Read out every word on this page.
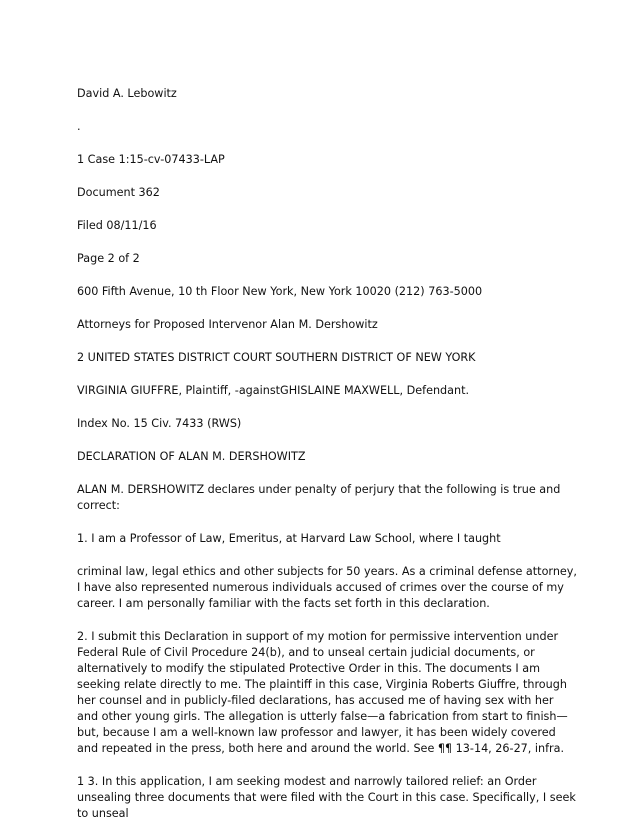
David A. Lebowitz

.

1 Case 1:15-cv-07433-LAP

Document 362

Filed 08/11/16

Page 2 of 2

600 Fifth Avenue, 10 th Floor New York, New York 10020 (212) 763-5000

Attorneys for Proposed Intervenor Alan M. Dershowitz

2 UNITED STATES DISTRICT COURT SOUTHERN DISTRICT OF NEW YORK

VIRGINIA GIUFFRE, Plaintiff, -againstGHISLAINE MAXWELL, Defendant.

Index No. 15 Civ. 7433 (RWS)

DECLARATION OF ALAN M. DERSHOWITZ

ALAN M. DERSHOWITZ declares under penalty of perjury that the following is true and correct:

1. I am a Professor of Law, Emeritus, at Harvard Law School, where I taught

criminal law, legal ethics and other subjects for 50 years. As a criminal defense attorney, I have also represented numerous individuals accused of crimes over the course of my career. I am personally familiar with the facts set forth in this declaration.

2. I submit this Declaration in support of my motion for permissive intervention under Federal Rule of Civil Procedure 24(b), and to unseal certain judicial documents, or alternatively to modify the stipulated Protective Order in this. The documents I am seeking relate directly to me. The plaintiff in this case, Virginia Roberts Giuffre, through her counsel and in publicly-filed declarations, has accused me of having sex with her and other young girls. The allegation is utterly false—a fabrication from start to finish—but, because I am a well-known law professor and lawyer, it has been widely covered and repeated in the press, both here and around the world. See ¶¶ 13-14, 26-27, infra.

1 3. In this application, I am seeking modest and narrowly tailored relief: an Order unsealing three documents that were filed with the Court in this case. Specifically, I seek to unseal
